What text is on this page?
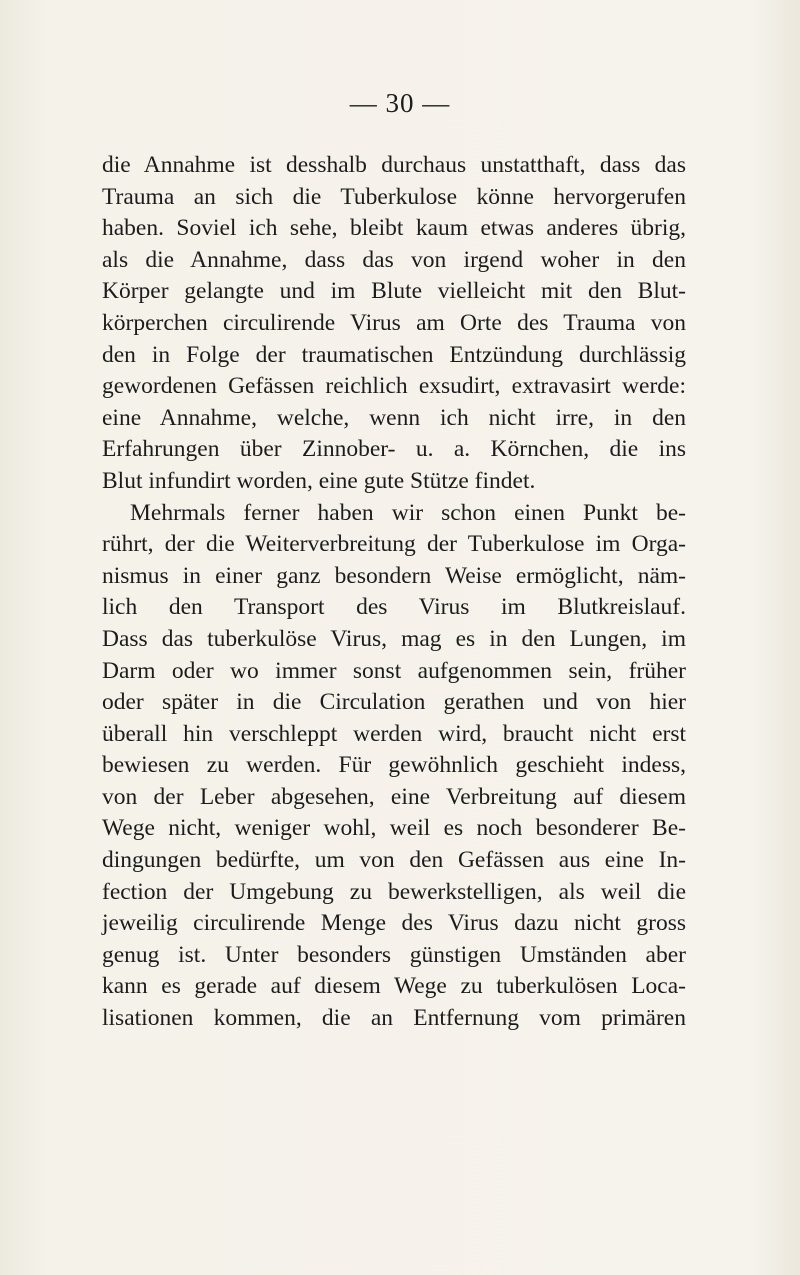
— 30 —
die Annahme ist desshalb durchaus unstatthaft, dass das
Trauma an sich die Tuberkulose könne hervorgerufen
haben. Soviel ich sehe, bleibt kaum etwas anderes übrig,
als die Annahme, dass das von irgend woher in den
Körper gelangte und im Blute vielleicht mit den Blut-
körperchen circulirende Virus am Orte des Trauma von
den in Folge der traumatischen Entzündung durchlässig
gewordenen Gefässen reichlich exsudirt, extravasirt werde:
eine Annahme, welche, wenn ich nicht irre, in den
Erfahrungen über Zinnober- u. a. Körnchen, die ins
Blut infundirt worden, eine gute Stütze findet.
Mehrmals ferner haben wir schon einen Punkt be-
rührt, der die Weiterverbreitung der Tuberkulose im Orga-
nismus in einer ganz besondern Weise ermöglicht, näm-
lich den Transport des Virus im Blutkreislauf.
Dass das tuberkulöse Virus, mag es in den Lungen, im
Darm oder wo immer sonst aufgenommen sein, früher
oder später in die Circulation gerathen und von hier
überall hin verschleppt werden wird, braucht nicht erst
bewiesen zu werden. Für gewöhnlich geschieht indess,
von der Leber abgesehen, eine Verbreitung auf diesem
Wege nicht, weniger wohl, weil es noch besonderer Be-
dingungen bedürfte, um von den Gefässen aus eine In-
fection der Umgebung zu bewerkstelligen, als weil die
jeweilig circulirende Menge des Virus dazu nicht gross
genug ist. Unter besonders günstigen Umständen aber
kann es gerade auf diesem Wege zu tuberkulösen Loca-
lisationen kommen, die an Entfernung vom primären
